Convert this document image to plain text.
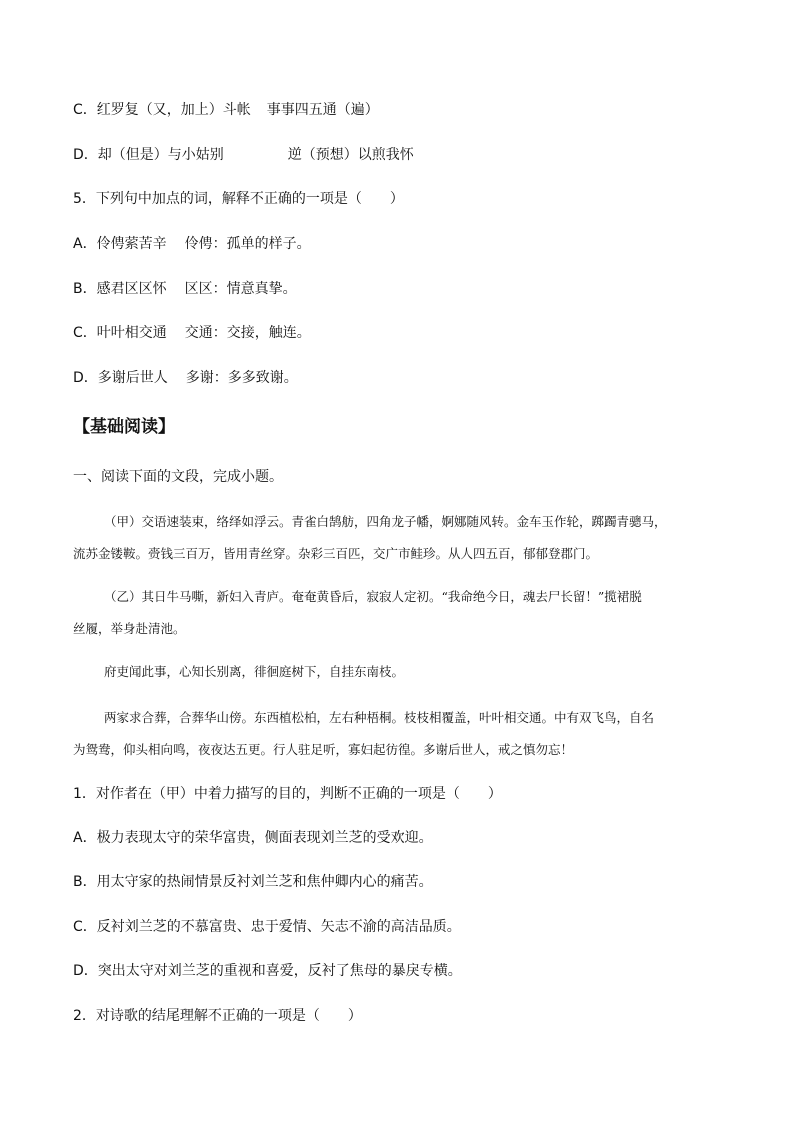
C．红罗复（又，加上）斗帐 事事四五通（遍）
D．却（但是）与小姑别	逆（预想）以煎我怀
5．下列句中加点的词，解释不正确的一项是（　　）
A．伶俜萦苦辛 伶俜：孤单的样子。
B．感君区区怀 区区：情意真挚。
C．叶叶相交通 交通：交接，触连。
D．多谢后世人 多谢：多多致谢。
【基础阅读】
一、阅读下面的文段，完成小题。
（甲）交语速装束，络绎如浮云。青雀白鹄舫，四角龙子幡，婀娜随风转。金车玉作轮，踯躅青骢马，
流苏金镂鞍。赍钱三百万，皆用青丝穿。杂彩三百匹，交广市鲑珍。从人四五百，郁郁登郡门。
（乙）其日牛马嘶，新妇入青庐。奄奄黄昏后，寂寂人定初。“我命绝今日，魂去尸长留！”揽裙脱
丝履，举身赴清池。
府吏闻此事，心知长别离，徘徊庭树下，自挂东南枝。
两家求合葬，合葬华山傍。东西植松柏，左右种梧桐。枝枝相覆盖，叶叶相交通。中有双飞鸟，自名
为鸳鸯，仰头相向鸣，夜夜达五更。行人驻足听，寡妇起彷徨。多谢后世人，戒之慎勿忘！
1．对作者在（甲）中着力描写的目的，判断不正确的一项是（　　）
A．极力表现太守的荣华富贵，侧面表现刘兰芝的受欢迎。
B．用太守家的热闹情景反衬刘兰芝和焦仲卿内心的痛苦。
C．反衬刘兰芝的不慕富贵、忠于爱情、矢志不渝的高洁品质。
D．突出太守对刘兰芝的重视和喜爱，反衬了焦母的暴戾专横。
2．对诗歌的结尾理解不正确的一项是（　　）
